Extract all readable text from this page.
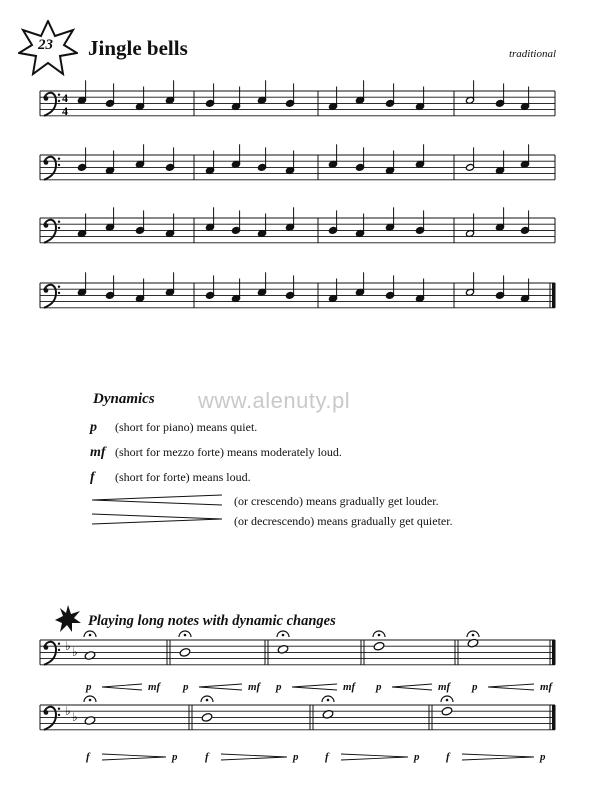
23 Jingle bells	traditional
4
4
♭ ♭
♭ ♭
p	mf p	mf p	mf p	mf p	mf
f	p	f	p f	p f	p
www.alenuty.pl
Dynamics
p (short for piano) means quiet.
mf (short for mezzo forte) means moderately loud.
f (short for forte) means loud.
(or crescendo) means gradually get louder.
(or decrescendo) means gradually get quieter.
Playing long notes with dynamic changes
